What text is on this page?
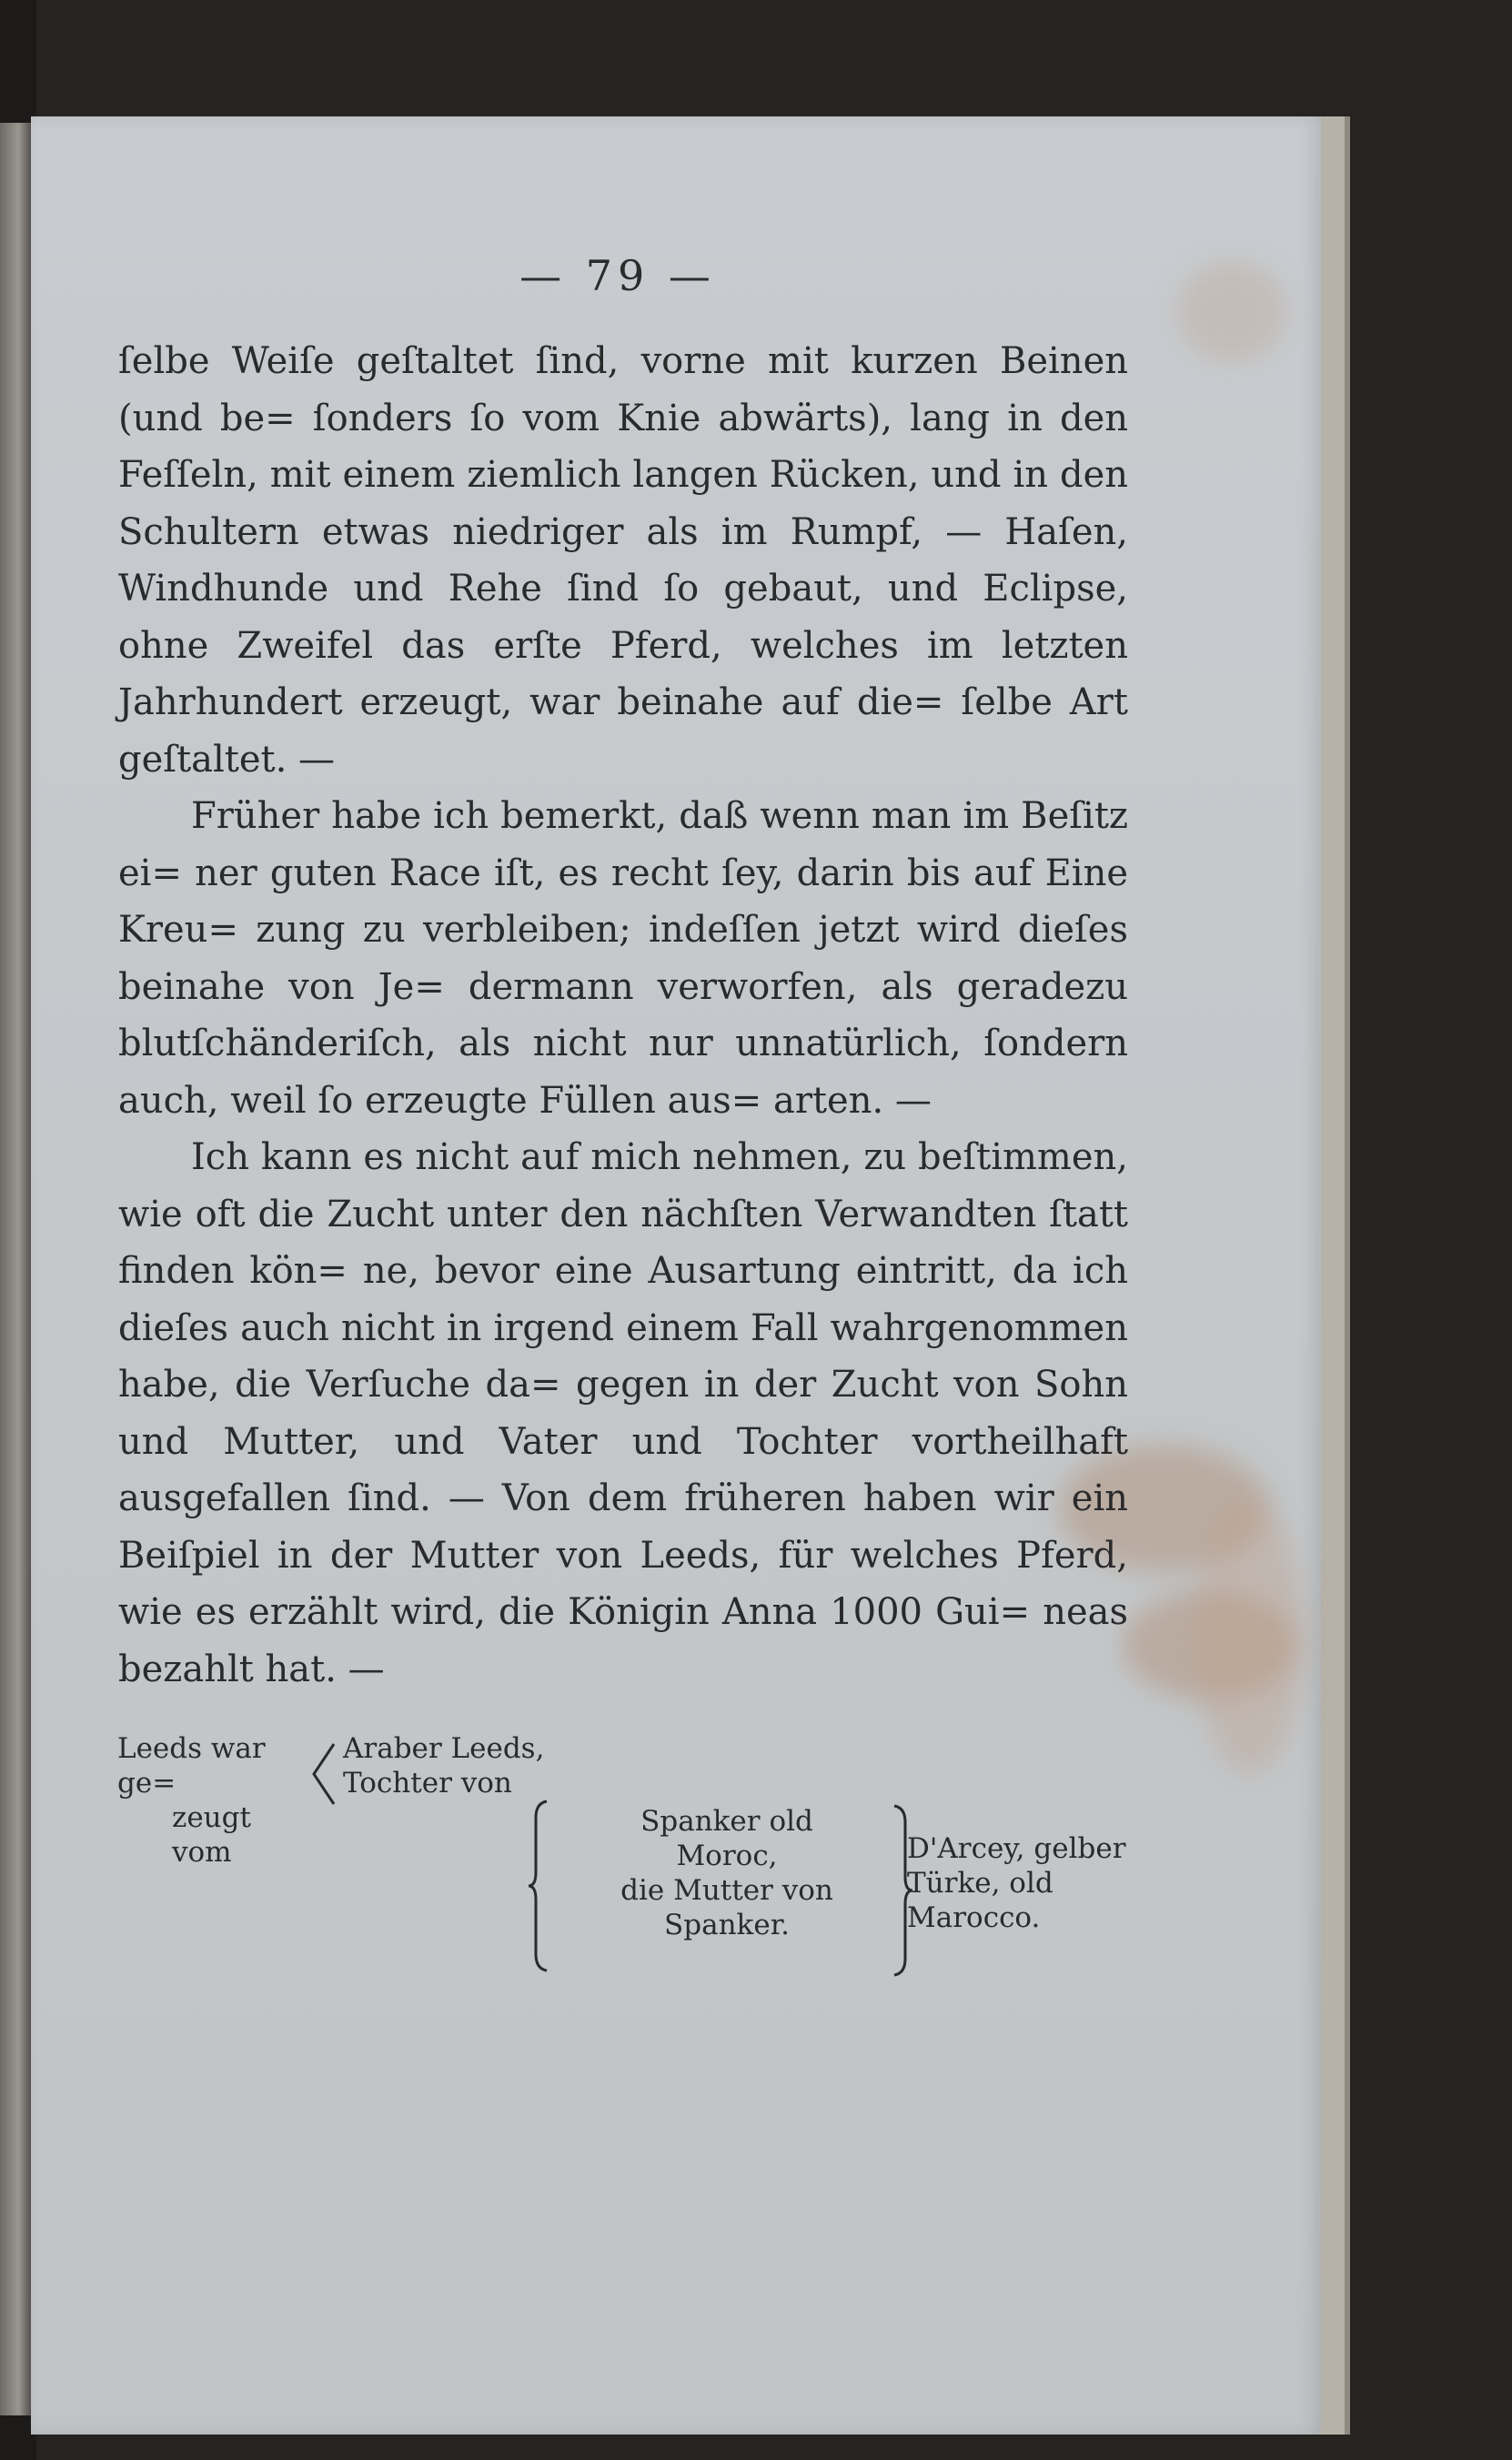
— 79 —

ſelbe Weiſe geſtaltet ſind, vorne mit kurzen Beinen (und be= ſonders ſo vom Knie abwärts), lang in den Feſſeln, mit einem ziemlich langen Rücken, und in den Schultern etwas niedriger als im Rumpf, — Haſen, Windhunde und Rehe ſind ſo gebaut, und Eclipse, ohne Zweifel das erſte Pferd, welches im letzten Jahrhundert erzeugt, war beinahe auf die= ſelbe Art geſtaltet. —

Früher habe ich bemerkt, daß wenn man im Beſitz ei= ner guten Race iſt, es recht ſey, darin bis auf Eine Kreu= zung zu verbleiben; indeſſen jetzt wird dieſes beinahe von Je= dermann verworfen, als geradezu blutſchänderiſch, als nicht nur unnatürlich, ſondern auch, weil ſo erzeugte Füllen aus= arten. —

Ich kann es nicht auf mich nehmen, zu beſtimmen, wie oft die Zucht unter den nächſten Verwandten ſtatt finden kön= ne, bevor eine Ausartung eintritt, da ich dieſes auch nicht in irgend einem Fall wahrgenommen habe, die Verſuche da= gegen in der Zucht von Sohn und Mutter, und Vater und Tochter vortheilhaft ausgefallen ſind. — Von dem früheren haben wir ein Beiſpiel in der Mutter von Leeds, für welches Pferd, wie es erzählt wird, die Königin Anna 1000 Gui= neas bezahlt hat. —

Leeds war ge=
zeugt vom
Araber Leeds,
Tochter von
Spanker old
Moroc,
die Mutter von
Spanker.
D'Arcey, gelber
Türke, old Marocco.
